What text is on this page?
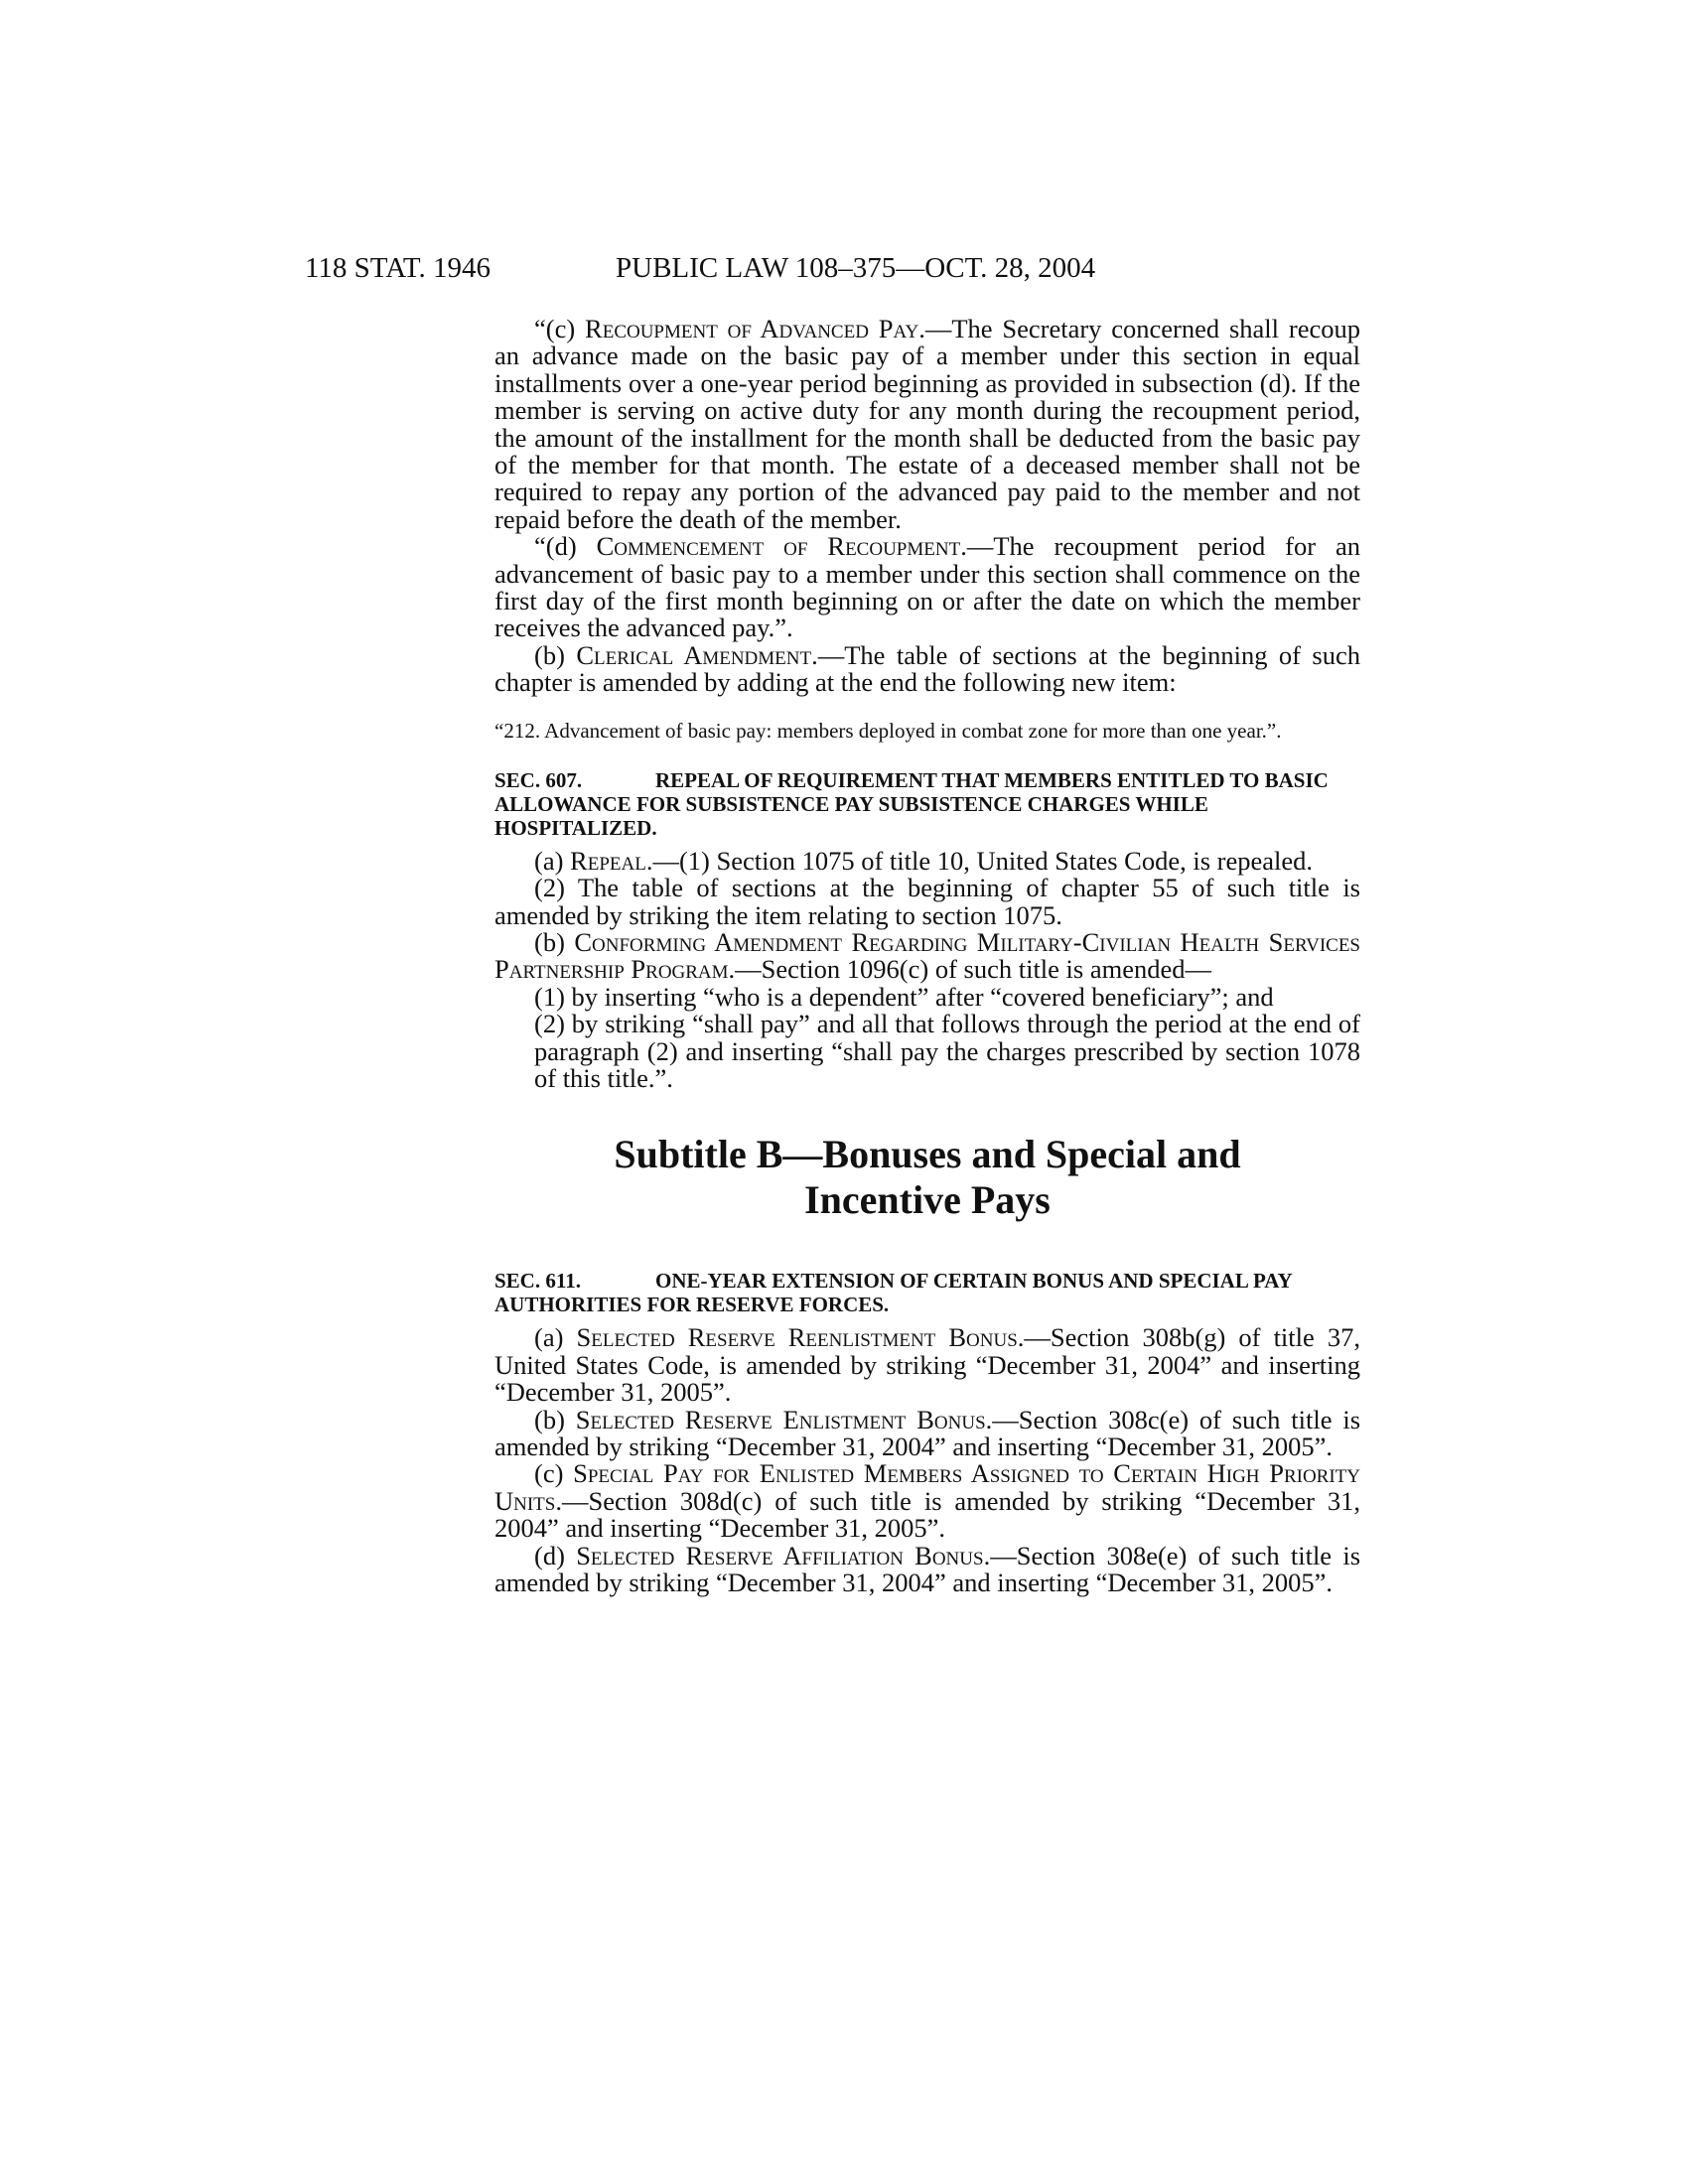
118 STAT. 1946	PUBLIC LAW 108–375—OCT. 28, 2004

“(c) Recoupment of Advanced Pay.—The Secretary concerned shall recoup an advance made on the basic pay of a member under this section in equal installments over a one-year period beginning as provided in subsection (d). If the member is serving on active duty for any month during the recoupment period, the amount of the installment for the month shall be deducted from the basic pay of the member for that month. The estate of a deceased member shall not be required to repay any portion of the advanced pay paid to the member and not repaid before the death of the member.

“(d) Commencement of Recoupment.—The recoupment period for an advancement of basic pay to a member under this section shall commence on the first day of the first month beginning on or after the date on which the member receives the advanced pay.”.

(b) Clerical Amendment.—The table of sections at the beginning of such chapter is amended by adding at the end the following new item:

“212. Advancement of basic pay: members deployed in combat zone for more than one year.”.

SEC. 607.	REPEAL OF REQUIREMENT THAT MEMBERS ENTITLED TO BASIC ALLOWANCE FOR SUBSISTENCE PAY SUBSISTENCE CHARGES WHILE HOSPITALIZED.

(a) Repeal.—(1) Section 1075 of title 10, United States Code, is repealed.

(2) The table of sections at the beginning of chapter 55 of such title is amended by striking the item relating to section 1075.

(b) Conforming Amendment Regarding Military-Civilian Health Services Partnership Program.—Section 1096(c) of such title is amended—

(1) by inserting “who is a dependent” after “covered beneficiary”; and

(2) by striking “shall pay” and all that follows through the period at the end of paragraph (2) and inserting “shall pay the charges prescribed by section 1078 of this title.”.

Subtitle B—Bonuses and Special and
Incentive Pays
SEC. 611.	ONE-YEAR EXTENSION OF CERTAIN BONUS AND SPECIAL PAY AUTHORITIES FOR RESERVE FORCES.

(a) Selected Reserve Reenlistment Bonus.—Section 308b(g) of title 37, United States Code, is amended by striking “December 31, 2004” and inserting “December 31, 2005”.

(b) Selected Reserve Enlistment Bonus.—Section 308c(e) of such title is amended by striking “December 31, 2004” and inserting “December 31, 2005”.

(c) Special Pay for Enlisted Members Assigned to Certain High Priority Units.—Section 308d(c) of such title is amended by striking “December 31, 2004” and inserting “December 31, 2005”.

(d) Selected Reserve Affiliation Bonus.—Section 308e(e) of such title is amended by striking “December 31, 2004” and inserting “December 31, 2005”.
